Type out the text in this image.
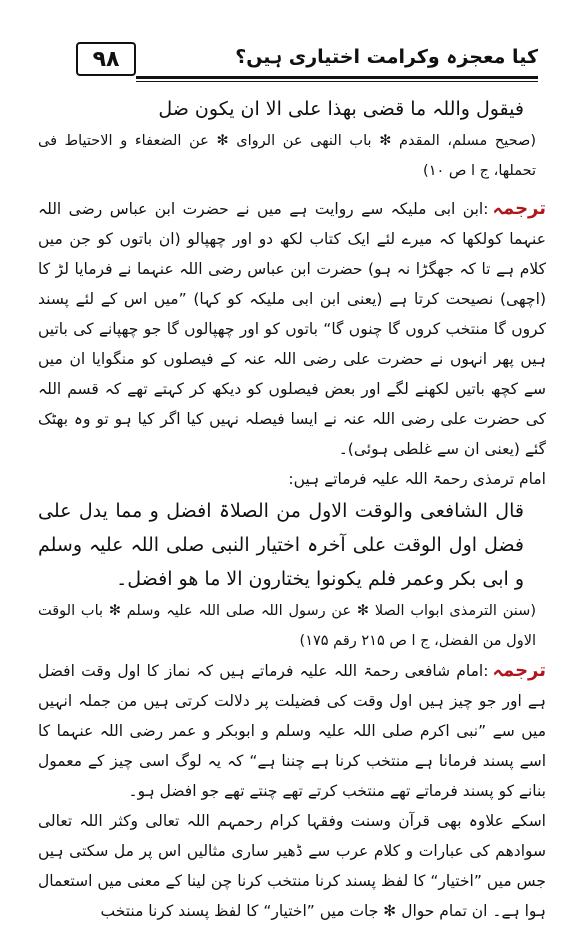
۹۸	کیا معجزہ وکرامت اختیاری ہیں؟

فیقول واللہ ما قضی بھذا علی الا ان یکون ضل

(صحیح مسلم، المقدم ✻ باب النھی عن الروای ✻ عن الضعفاء و الاحتیاط فی تحملھا، ج ا ص ۱۰)

ترجمہ:ابن ابی ملیکہ سے روایت ہے میں نے حضرت ابن عباس رضی اللہ عنہما کولکھا کہ میرے لئے ایک کتاب لکھ دو اور چھپالو (ان باتوں کو جن میں کلام ہے تا کہ جھگڑا نہ ہو) حضرت ابن عباس رضی اللہ عنہما نے فرمایا لڑ کا (اچھی) نصیحت کرتا ہے (یعنی ابن ابی ملیکہ کو کہا) ”میں اس کے لئے پسند کروں گا منتخب کروں گا چنوں گا“ باتوں کو اور چھپالوں گا جو چھپانے کی باتیں ہیں پھر انہوں نے حضرت علی رضی اللہ عنہ کے فیصلوں کو منگوایا ان میں سے کچھ باتیں لکھنے لگے اور بعض فیصلوں کو دیکھ کر کہتے تھے کہ قسم اللہ کی حضرت علی رضی اللہ عنہ نے ایسا فیصلہ نہیں کیا اگر کیا ہو تو وہ بھٹک گئے (یعنی ان سے غلطی ہوئی)۔

امام ترمذی رحمۃ اللہ علیہ فرماتے ہیں:

قال الشافعی والوقت الاول من الصلاۃ افضل و مما یدل علی فضل اول الوقت علی آخرہ اختیار النبی صلی اللہ علیہ وسلم و ابی بکر وعمر فلم یکونوا یختارون الا ما ھو افضل۔

(سنن الترمذی ابواب الصلا ✻ عن رسول اللہ صلی اللہ علیہ وسلم ✻ باب الوقت الاول من الفضل، ج ا ص ۲۱۵ رقم ۱۷۵)

ترجمہ:امام شافعی رحمۃ اللہ علیہ فرماتے ہیں کہ نماز کا اول وقت افضل ہے اور جو چیز ہیں اول وقت کی فضیلت پر دلالت کرتی ہیں من جملہ انہیں میں سے ”نبی اکرم صلی اللہ علیہ وسلم و ابوبکر و عمر رضی اللہ عنہما کا اسے پسند فرمانا ہے منتخب کرنا ہے چننا ہے“ کہ یہ لوگ اسی چیز کے معمول بنانے کو پسند فرماتے تھے منتخب کرتے تھے چنتے تھے جو افضل ہو۔

اسکے علاوہ بھی قرآن وسنت وفقہا کرام رحمہم اللہ تعالی وکثر اللہ تعالی سوادھم کی عبارات و کلام عرب سے ڈھیر ساری مثالیں اس پر مل سکتی ہیں جس میں ”اختیار“ کا لفظ پسند کرنا منتخب کرنا چن لینا کے معنی میں استعمال ہوا ہے۔ ان تمام حوال ✻ جات میں ”اختیار“ کا لفظ پسند کرنا منتخب
